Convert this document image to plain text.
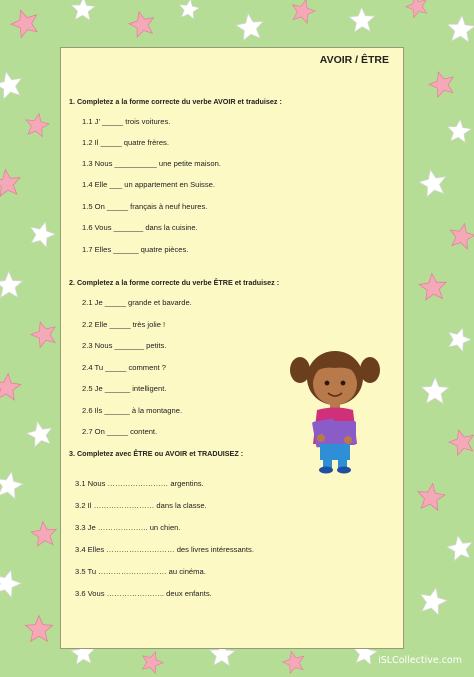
AVOIR / ÊTRE
1. Completez a la forme correcte du verbe AVOIR et traduisez :
1.1 J’ _____ trois voitures.
1.2 Il _____ quatre frères.
1.3 Nous __________ une petite maison.
1.4 Elle ___ un appartement en Suisse.
1.5 On _____ français à neuf heures.
1.6 Vous _______ dans la cuisine.
1.7 Elles ______ quatre pièces.
2. Completez a la forme correcte du verbe ÊTRE et traduisez :
2.1 Je _____ grande et bavarde.
2.2 Elle _____ très jolie !
2.3 Nous _______ petits.
2.4 Tu _____ comment ?
2.5 Je ______ intelligent.
2.6 Ils ______ à la montagne.
2.7 On _____ content.
3. Completez avec ÊTRE ou AVOIR et TRADUISEZ :
3.1 Nous …………………… argentins.
3.2 Il …………………… dans la classe.
3.3 Je ……………….. un chien.
3.4 Elles ……………………… des livres intéressants.
3.5 Tu ……………………… au cinéma.
3.6 Vous ………………….. deux enfants.
iSLCollective.com
